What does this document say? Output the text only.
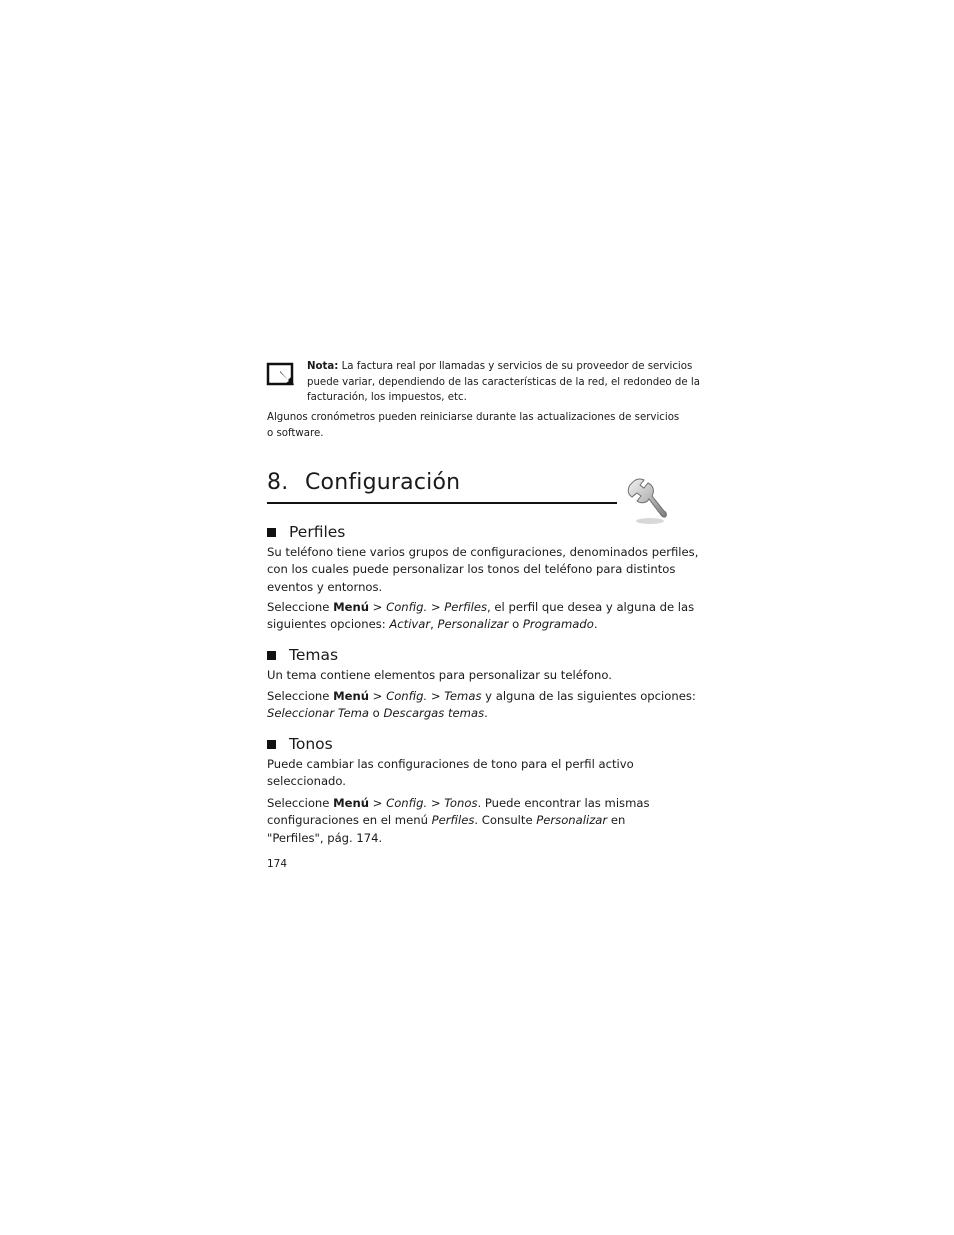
Nota: La factura real por llamadas y servicios de su proveedor de servicios

puede variar, dependiendo de las características de la red, el redondeo de la

facturación, los impuestos, etc.

Algunos cronómetros pueden reiniciarse durante las actualizaciones de servicios

o software.

8. Configuración
Perfiles

Su teléfono tiene varios grupos de configuraciones, denominados perfiles,

con los cuales puede personalizar los tonos del teléfono para distintos

eventos y entornos.

Seleccione Menú > Config. > Perfiles, el perfil que desea y alguna de las

siguientes opciones: Activar, Personalizar o Programado.

Temas

Un tema contiene elementos para personalizar su teléfono.

Seleccione Menú > Config. > Temas y alguna de las siguientes opciones:

Seleccionar Tema o Descargas temas.

Tonos

Puede cambiar las configuraciones de tono para el perfil activo

seleccionado.

Seleccione Menú > Config. > Tonos. Puede encontrar las mismas

configuraciones en el menú Perfiles. Consulte Personalizar en

"Perfiles", pág. 174.

174
